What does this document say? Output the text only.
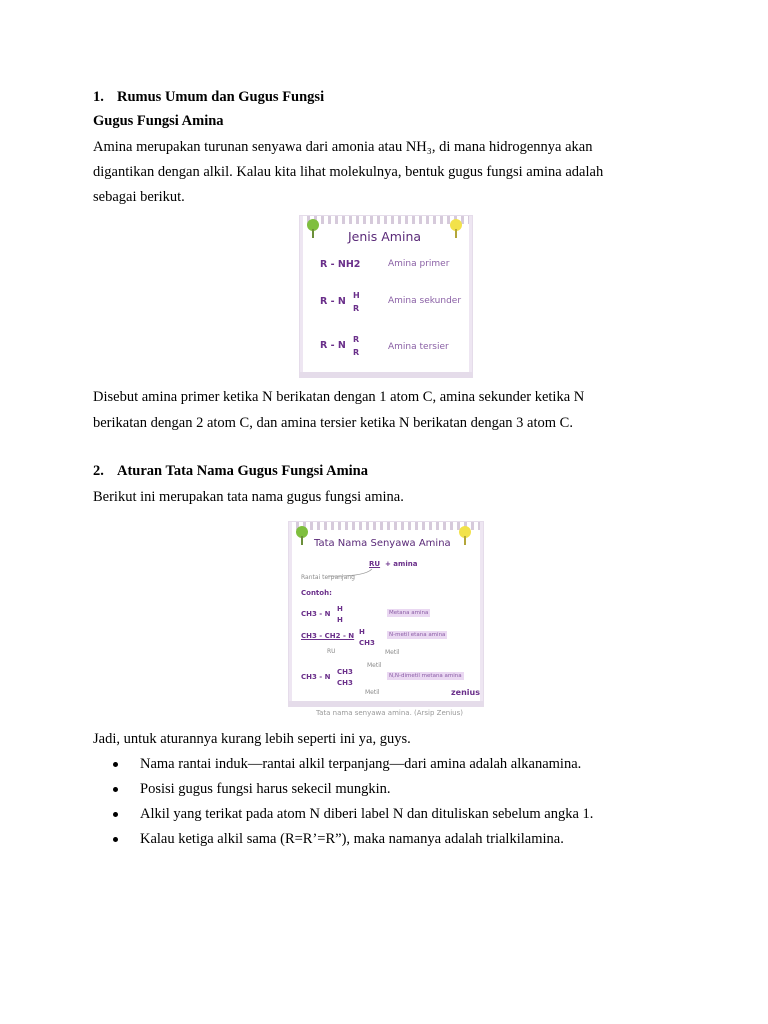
1. Rumus Umum dan Gugus Fungsi
Gugus Fungsi Amina
Amina merupakan turunan senyawa dari amonia atau NH₃, di mana hidrogennya akan
digantikan dengan alkil. Kalau kita lihat molekulnya, bentuk gugus fungsi amina adalah
sebagai berikut.
Jenis Amina
R - NH2	Amina primer
R - N
H
R
Amina sekunder
R - N
R
R
Amina tersier
Disebut amina primer ketika N berikatan dengan 1 atom C, amina sekunder ketika N
berikatan dengan 2 atom C, dan amina tersier ketika N berikatan dengan 3 atom C.
2. Aturan Tata Nama Gugus Fungsi Amina
Berikut ini merupakan tata nama gugus fungsi amina.
Tata Nama Senyawa Amina
RU + amina
Rantai terpanjang
Contoh:
CH3 - N
H
H
Metana amina
CH3 - CH2 - N H
CH3
N-metil etana amina
RU	Metil
Metil
CH3 - N
CH3
CH3
N,N-dimetil metana amina
Metil	zenius
Tata nama senyawa amina. (Arsip Zenius)
Jadi, untuk aturannya kurang lebih seperti ini ya, guys.
Nama rantai induk—rantai alkil terpanjang—dari amina adalah alkanamina.
Posisi gugus fungsi harus sekecil mungkin.
Alkil yang terikat pada atom N diberi label N dan dituliskan sebelum angka 1.
Kalau ketiga alkil sama (R=R’=R”), maka namanya adalah trialkilamina.
